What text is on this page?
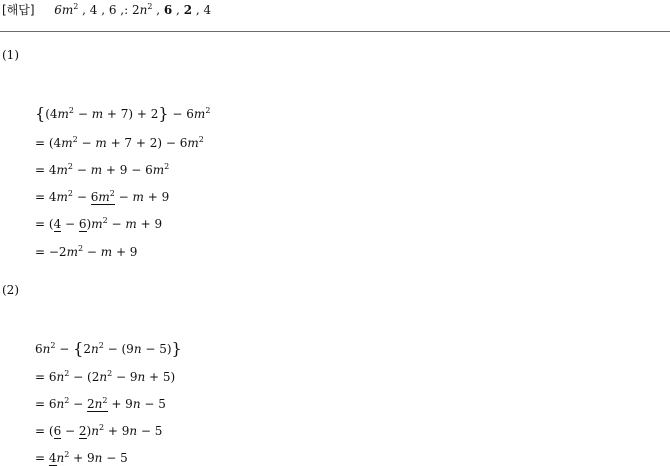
[해답]  $6m^2$ , 4 , 6 ,: $2n^2$ , 6 , 2 , 4
(1)
$\{(4m^2 - m + 7) + 2\} - 6m^2$
= $(4m^2 - m + 7 + 2) - 6m^2$
= $4m^2 - m + 9 - 6m^2$
= $4m^2 - 6m^2 - m + 9$
= $(4 - 6)m^2 - m + 9$
= $-2m^2 - m + 9$
(2)
$6n^2 - \{2n^2 - (9n - 5)\}$
= $6n^2 - (2n^2 - 9n + 5)$
= $6n^2 - 2n^2 + 9n - 5$
= $(6 - 2)n^2 + 9n - 5$
= $4n^2 + 9n - 5$
